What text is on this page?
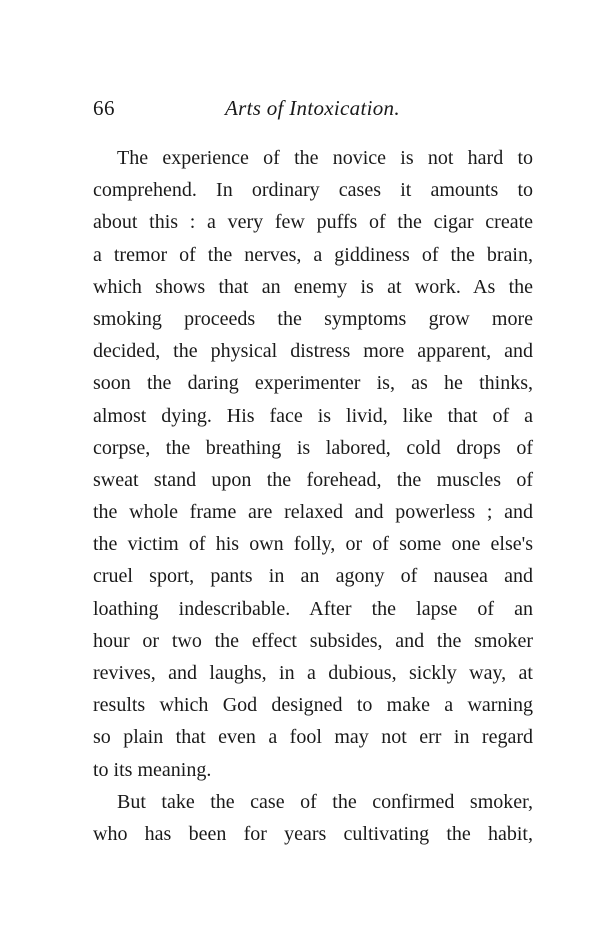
66	Arts of Intoxication.
The experience of the novice is not hard to
comprehend. In ordinary cases it amounts to
about this : a very few puffs of the cigar create
a tremor of the nerves, a giddiness of the brain,
which shows that an enemy is at work. As the
smoking proceeds the symptoms grow more
decided, the physical distress more apparent, and
soon the daring experimenter is, as he thinks,
almost dying. His face is livid, like that of a
corpse, the breathing is labored, cold drops of
sweat stand upon the forehead, the muscles of
the whole frame are relaxed and powerless ; and
the victim of his own folly, or of some one else's
cruel sport, pants in an agony of nausea and
loathing indescribable. After the lapse of an
hour or two the effect subsides, and the smoker
revives, and laughs, in a dubious, sickly way, at
results which God designed to make a warning
so plain that even a fool may not err in regard
to its meaning.
But take the case of the confirmed smoker,
who has been for years cultivating the habit,
